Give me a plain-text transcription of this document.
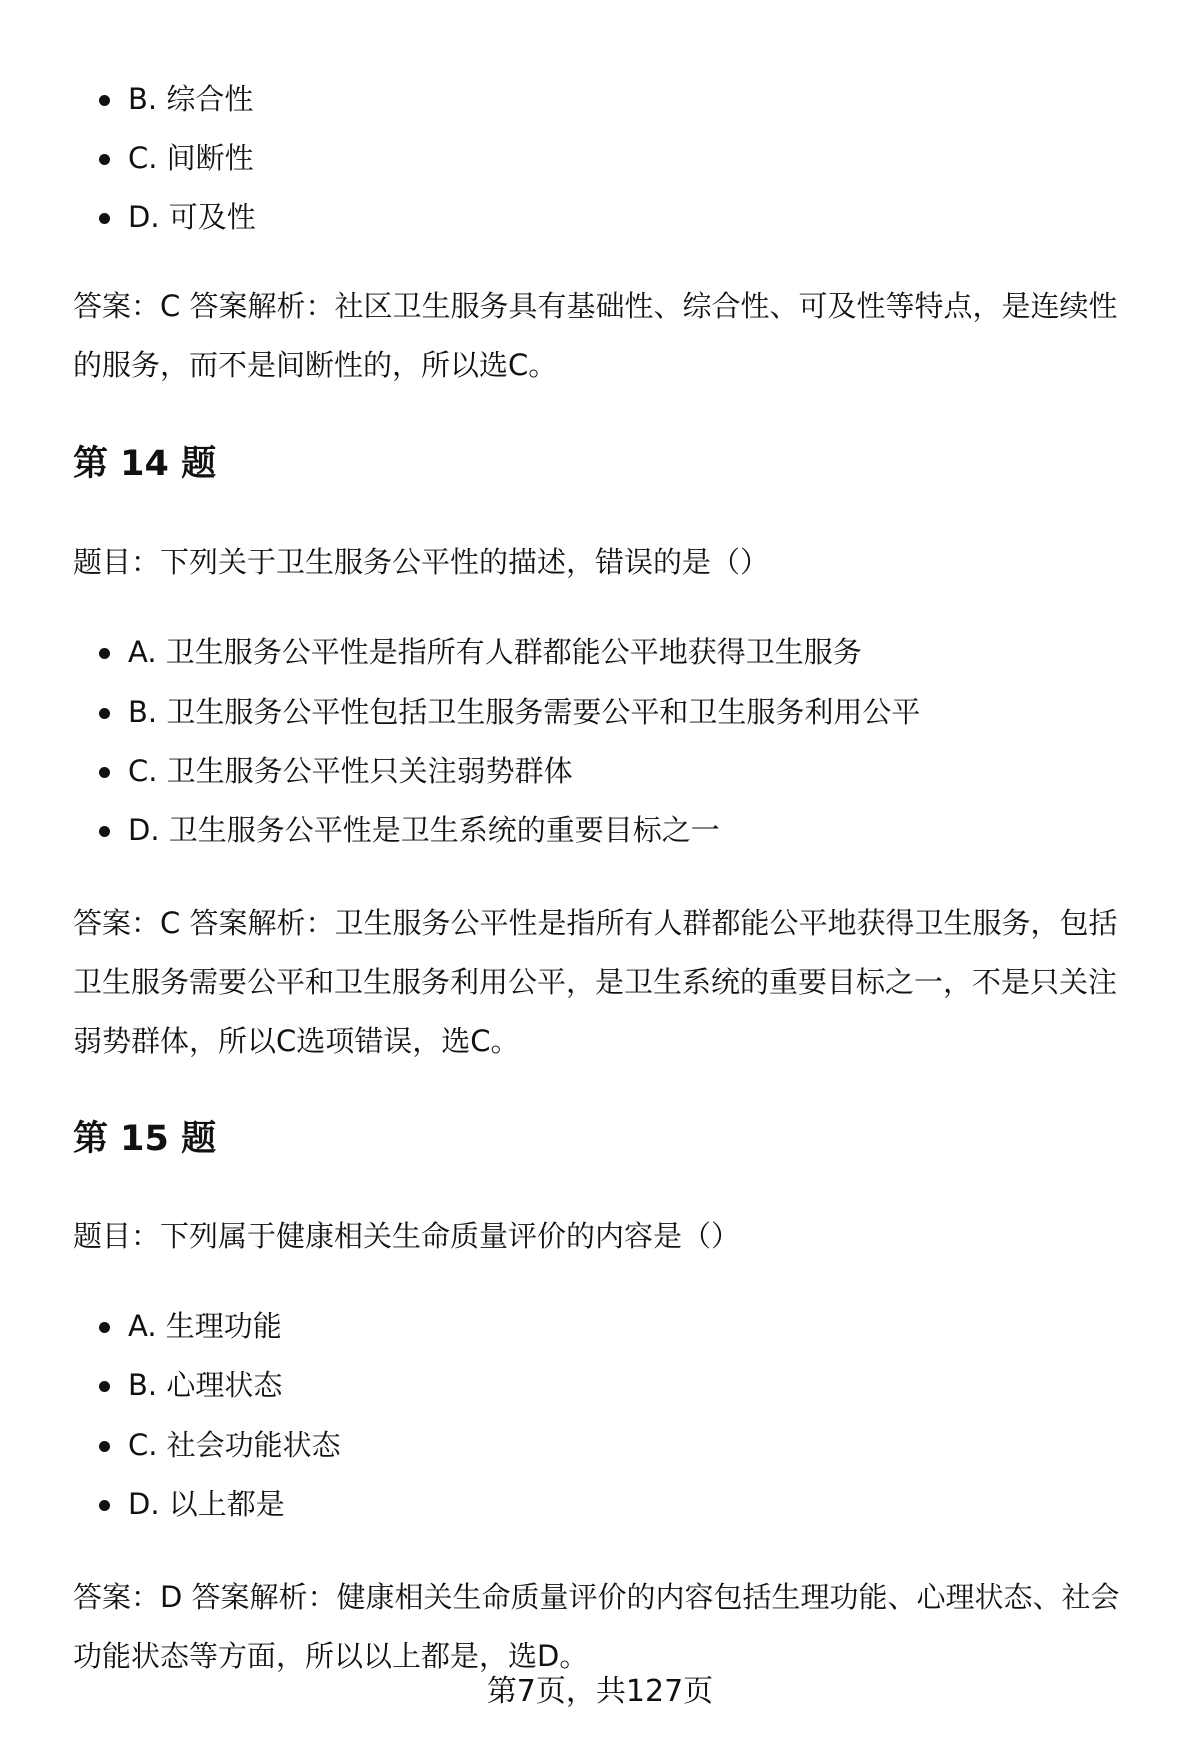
B. 综合性
C. 间断性
D. 可及性

答案：C 答案解析：社区卫生服务具有基础性、综合性、可及性等特点，是连续性的服务，而不是间断性的，所以选C。

第 14 题

题目：下列关于卫生服务公平性的描述，错误的是（）

A. 卫生服务公平性是指所有人群都能公平地获得卫生服务
B. 卫生服务公平性包括卫生服务需要公平和卫生服务利用公平
C. 卫生服务公平性只关注弱势群体
D. 卫生服务公平性是卫生系统的重要目标之一

答案：C 答案解析：卫生服务公平性是指所有人群都能公平地获得卫生服务，包括卫生服务需要公平和卫生服务利用公平，是卫生系统的重要目标之一，不是只关注弱势群体，所以C选项错误，选C。

第 15 题

题目：下列属于健康相关生命质量评价的内容是（）

A. 生理功能
B. 心理状态
C. 社会功能状态
D. 以上都是

答案：D 答案解析：健康相关生命质量评价的内容包括生理功能、心理状态、社会功能状态等方面，所以以上都是，选D。

第7页，共127页
